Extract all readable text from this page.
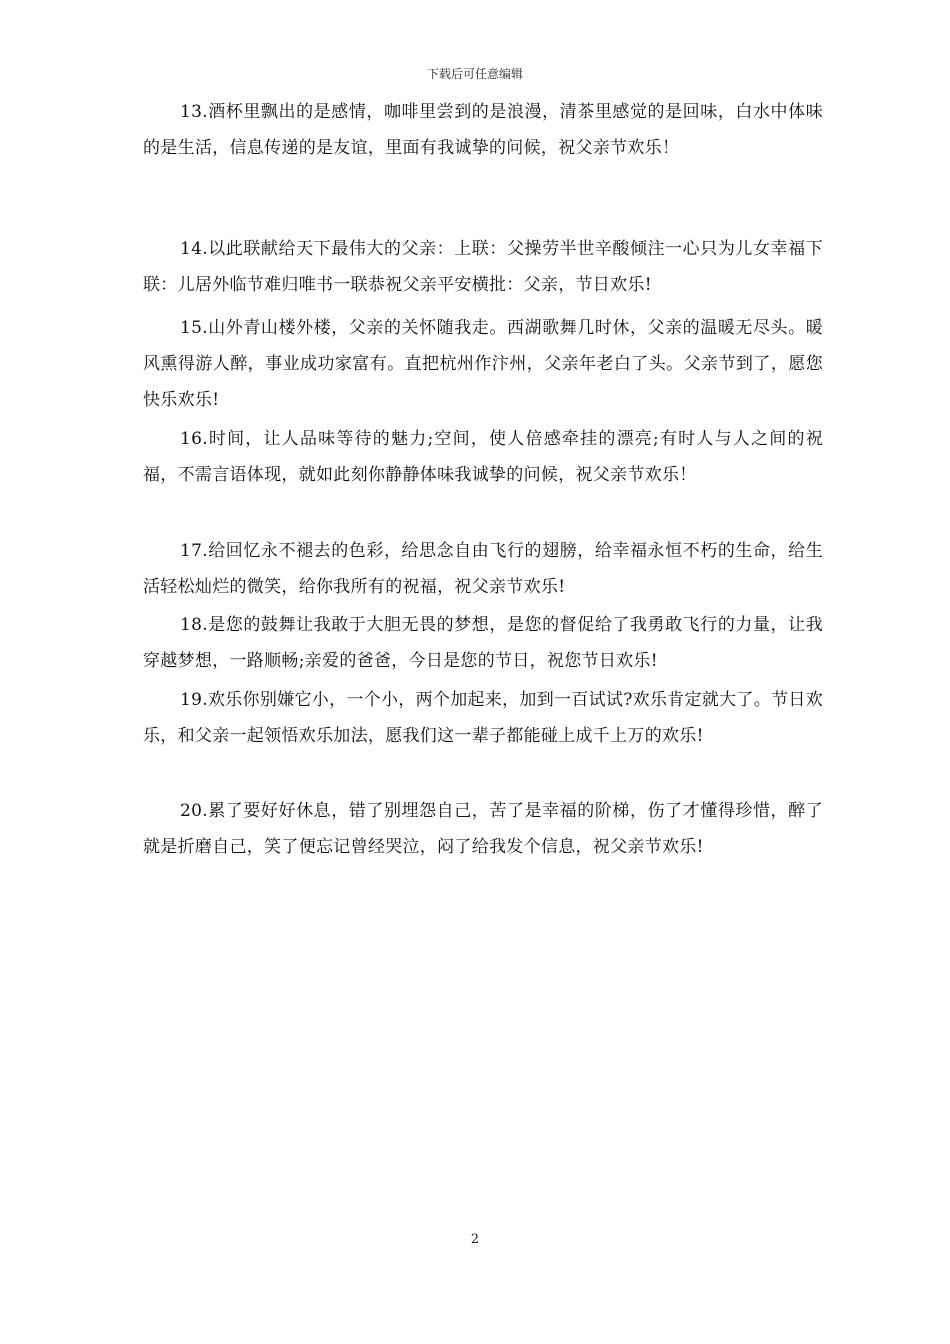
下载后可任意编辑

13.酒杯里飘出的是感情，咖啡里尝到的是浪漫，清茶里感觉的是回味，白水中体味的是生活，信息传递的是友谊，里面有我诚挚的问候，祝父亲节欢乐！

14.以此联献给天下最伟大的父亲：上联：父操劳半世辛酸倾注一心只为儿女幸福下联：儿居外临节难归唯书一联恭祝父亲平安横批：父亲，节日欢乐!

15.山外青山楼外楼，父亲的关怀随我走。西湖歌舞几时休，父亲的温暖无尽头。暖风熏得游人醉，事业成功家富有。直把杭州作汴州，父亲年老白了头。父亲节到了，愿您快乐欢乐!

16.时间，让人品味等待的魅力;空间，使人倍感牵挂的漂亮;有时人与人之间的祝福，不需言语体现，就如此刻你静静体味我诚挚的问候，祝父亲节欢乐！

17.给回忆永不褪去的色彩，给思念自由飞行的翅膀，给幸福永恒不朽的生命，给生活轻松灿烂的微笑，给你我所有的祝福，祝父亲节欢乐!

18.是您的鼓舞让我敢于大胆无畏的梦想，是您的督促给了我勇敢飞行的力量，让我穿越梦想，一路顺畅;亲爱的爸爸，今日是您的节日，祝您节日欢乐!

19.欢乐你别嫌它小，一个小，两个加起来，加到一百试试?欢乐肯定就大了。节日欢乐，和父亲一起领悟欢乐加法，愿我们这一辈子都能碰上成千上万的欢乐!

20.累了要好好休息，错了别埋怨自己，苦了是幸福的阶梯，伤了才懂得珍惜，醉了就是折磨自己，笑了便忘记曾经哭泣，闷了给我发个信息，祝父亲节欢乐!

2
